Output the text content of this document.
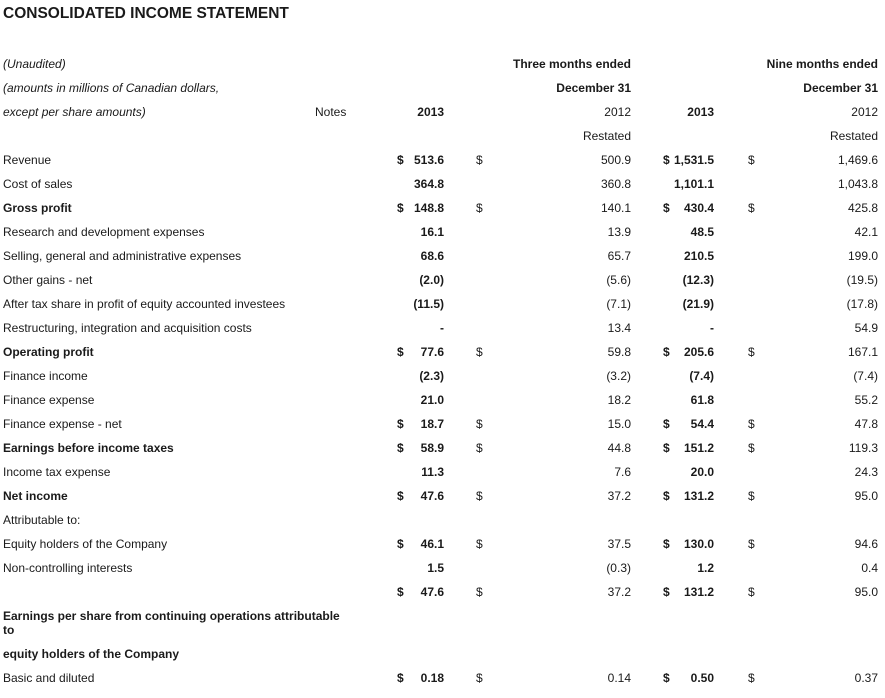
CONSOLIDATED INCOME STATEMENT
(Unaudited)
(amounts in millions of Canadian dollars,
except per share amounts)	Notes
Three months ended
December 31
Nine months ended
December 31
2013	2012	2013	2012
Restated	Restated
Revenue	$ 513.6	$	500.9	$ 1,531.5	$	1,469.6
Cost of sales	364.8	360.8	1,101.1	1,043.8
Gross profit	$ 148.8	$	140.1	$ 430.4	$	425.8
Research and development expenses	16.1	13.9	48.5	42.1
Selling, general and administrative expenses	68.6	65.7	210.5	199.0
Other gains - net	(2.0)	(5.6)	(12.3)	(19.5)
After tax share in profit of equity accounted investees	(11.5)	(7.1)	(21.9)	(17.8)
Restructuring, integration and acquisition costs	-	13.4	-	54.9
Operating profit	$ 77.6	$	59.8	$ 205.6	$	167.1
Finance income	(2.3)	(3.2)	(7.4)	(7.4)
Finance expense	21.0	18.2	61.8	55.2
Finance expense - net	$ 18.7	$	15.0	$ 54.4	$	47.8
Earnings before income taxes	$ 58.9	$	44.8	$ 151.2	$	119.3
Income tax expense	11.3	7.6	20.0	24.3
Net income	$ 47.6	$	37.2	$ 131.2	$	95.0
Attributable to:
Equity holders of the Company	$ 46.1	$	37.5	$ 130.0	$	94.6
Non-controlling interests	1.5	(0.3)	1.2	0.4
$ 47.6	$	37.2	$ 131.2	$	95.0
Earnings per share from continuing operations attributable to
equity holders of the Company
Basic and diluted	$ 0.18	$	0.14	$ 0.50	$	0.37
